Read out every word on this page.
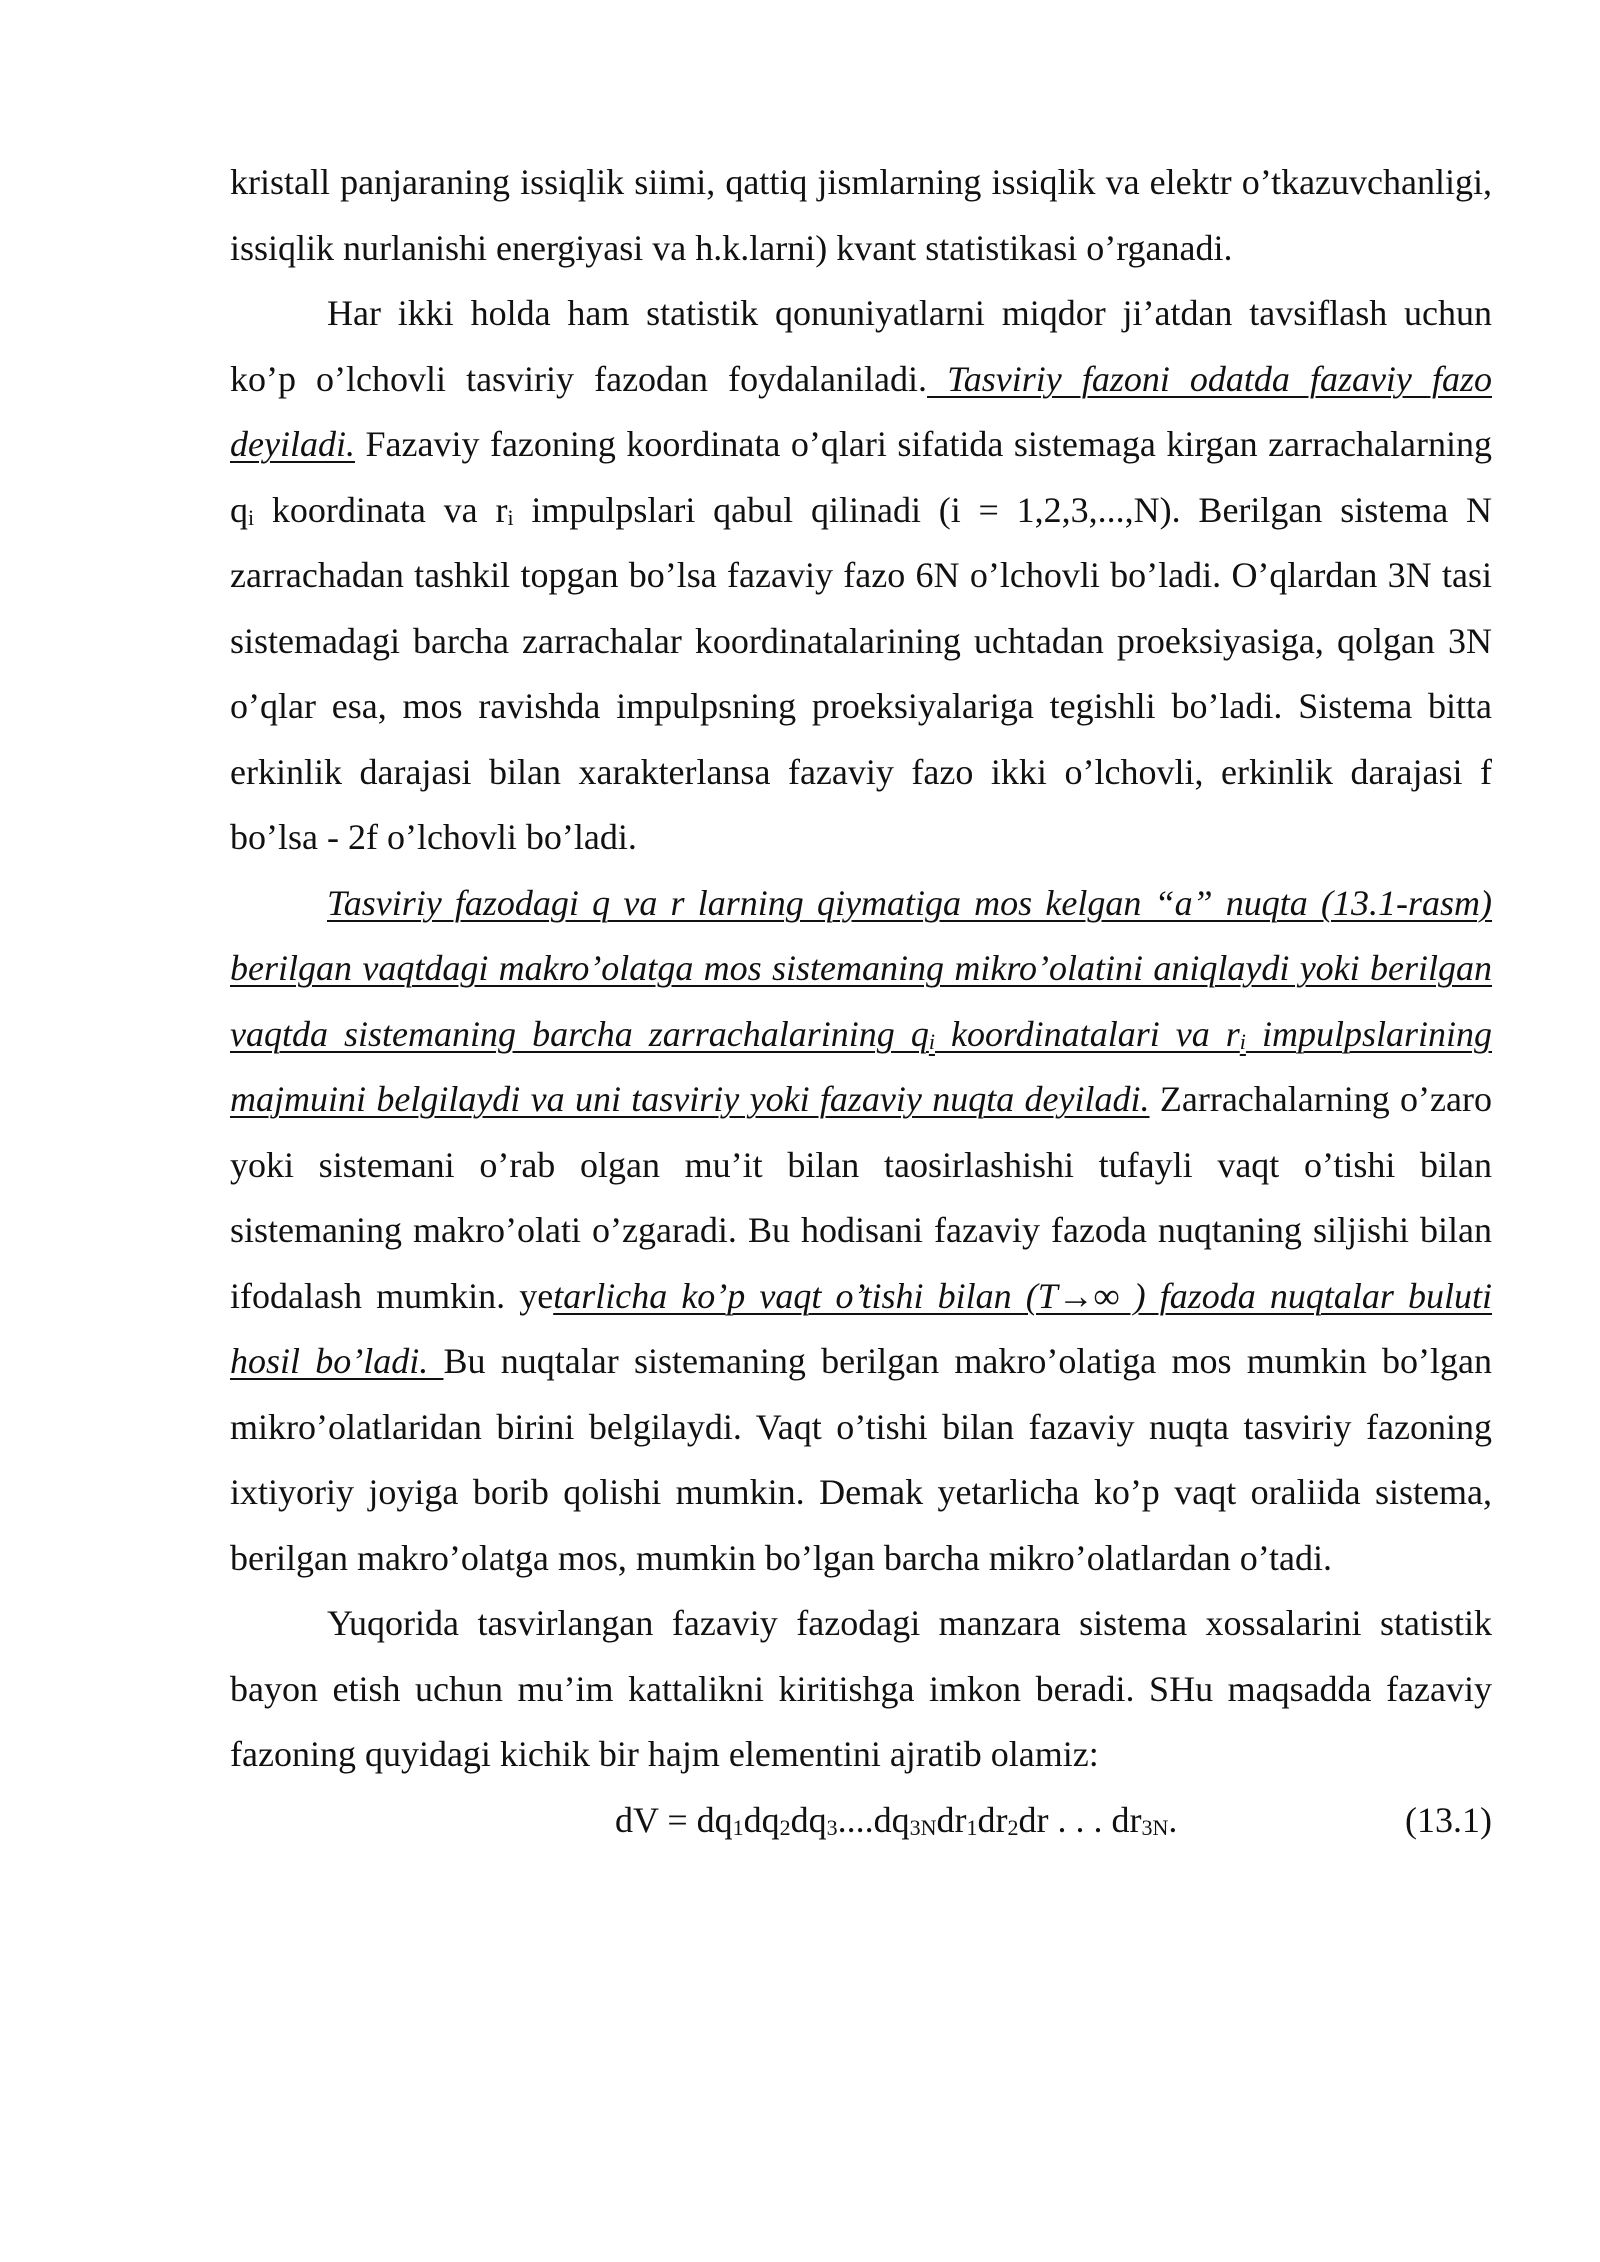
kristall panjaraning issiqlik siimi, qattiq jismlarning issiqlik va elektr o’tkazuvchanligi, issiqlik nurlanishi energiyasi va h.k.larni) kvant statistikasi o’rganadi.

Har ikki holda ham statistik qonuniyatlarni miqdor ji’atdan tavsiflash uchun ko’p o’lchovli tasviriy fazodan foydalaniladi. Tasviriy fazoni odatda fazaviy fazo deyiladi. Fazaviy fazoning koordinata o’qlari sifatida sistemaga kirgan zarrachalarning $q_i$ koordinata va $r_i$ impulpslari qabul qilinadi (i = 1,2,3,...,N). Berilgan sistema N zarrachadan tashkil topgan bo’lsa fazaviy fazo 6N o’lchovli bo’ladi. O’qlardan 3N tasi sistemadagi barcha zarrachalar koordinatalarining uchtadan proeksiyasiga, qolgan 3N o’qlar esa, mos ravishda impulpsning proeksiyalariga tegishli bo’ladi. Sistema bitta erkinlik darajasi bilan xarakterlansa fazaviy fazo ikki o’lchovli, erkinlik darajasi f bo’lsa - 2f o’lchovli bo’ladi.

Tasviriy fazodagi q va r larning qiymatiga mos kelgan “a” nuqta (13.1-rasm) berilgan vaqtdagi makro’olatga mos sistemaning mikro’olatini aniqlaydi yoki berilgan vaqtda sistemaning barcha zarrachalarining $q_i$ koordinatalari va $r_i$ impulpslarining majmuini belgilaydi va uni tasviriy yoki fazaviy nuqta deyiladi. Zarrachalarning o’zaro yoki sistemani o’rab olgan mu’it bilan taosirlashishi tufayli vaqt o’tishi bilan sistemaning makro’olati o’zgaradi. Bu hodisani fazaviy fazoda nuqtaning siljishi bilan ifodalash mumkin. yetarlicha ko’p vaqt o’tishi bilan (T→∞ ) fazoda nuqtalar buluti hosil bo’ladi. Bu nuqtalar sistemaning berilgan makro’olatiga mos mumkin bo’lgan mikro’olatlaridan birini belgilaydi. Vaqt o’tishi bilan fazaviy nuqta tasviriy fazoning ixtiyoriy joyiga borib qolishi mumkin. Demak yetarlicha ko’p vaqt oraliida sistema, berilgan makro’olatga mos, mumkin bo’lgan barcha mikro’olatlardan o’tadi.

Yuqorida tasvirlangan fazaviy fazodagi manzara sistema xossalarini statistik bayon etish uchun mu’im kattalikni kiritishga imkon beradi. SHu maqsadda fazaviy fazoning quyidagi kichik bir hajm elementini ajratib olamiz:

dV = $dq_1dq_2dq_3....dq_{3N}dr_1dr_2dr$ . . . $dr_{3N}$.	(13.1)
